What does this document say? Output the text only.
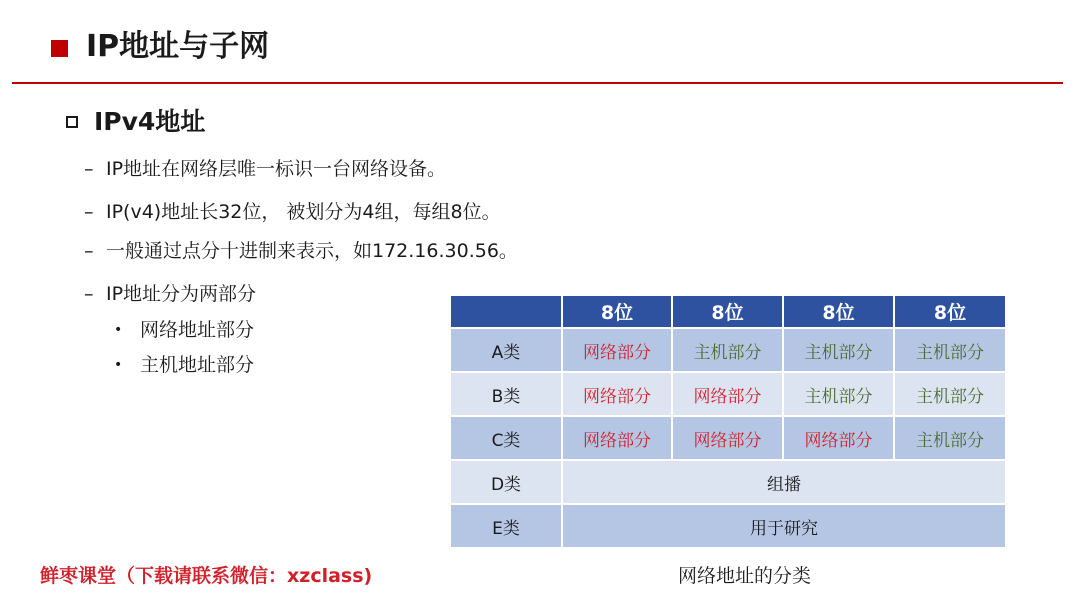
IP地址与子网
IPv4地址
– IP地址在网络层唯一标识一台网络设备。
– IP(v4)地址长32位， 被划分为4组，每组8位。
– 一般通过点分十进制来表示，如172.16.30.56。
– IP地址分为两部分
• 网络地址部分
• 主机地址部分
	8位	8位	8位	8位
A类	网络部分	主机部分	主机部分	主机部分
B类	网络部分	网络部分	主机部分	主机部分
C类	网络部分	网络部分	网络部分	主机部分
D类	组播			
E类	用于研究			
网络地址的分类
鲜枣课堂（下载请联系微信：xzclass)
